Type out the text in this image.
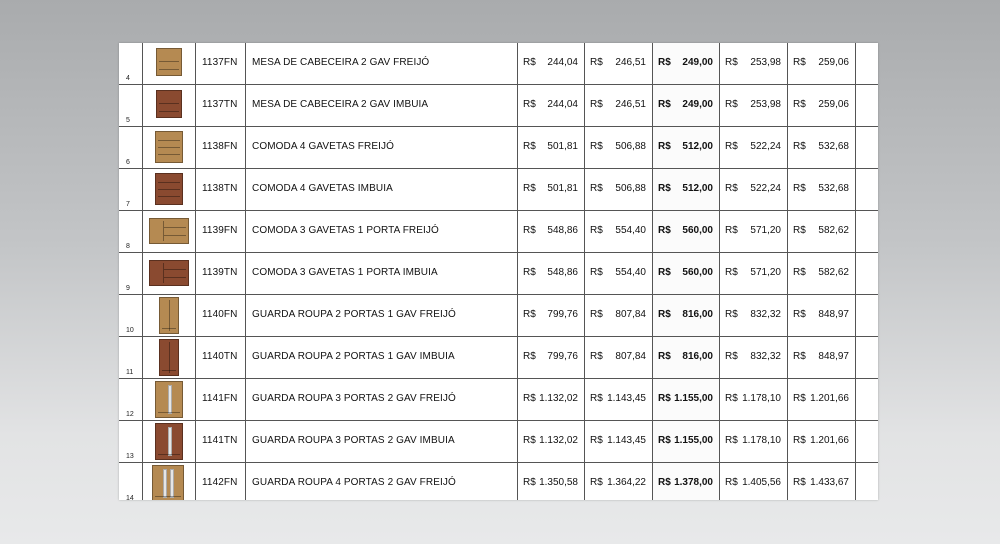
4
1137FN MESA DE CABECEIRA 2 GAV FREIJÓ	R$ 244,04 R$ 246,51 R$ 249,00 R$ 253,98 R$ 259,06
5
1137TN MESA DE CABECEIRA 2 GAV IMBUIA	R$ 244,04 R$ 246,51 R$ 249,00 R$ 253,98 R$ 259,06
6
1138FN COMODA 4 GAVETAS FREIJÓ	R$ 501,81 R$ 506,88 R$ 512,00 R$ 522,24 R$ 532,68
7
1138TN COMODA 4 GAVETAS IMBUIA	R$ 501,81 R$ 506,88 R$ 512,00 R$ 522,24 R$ 532,68
8
1139FN COMODA 3 GAVETAS 1 PORTA FREIJÓ	R$ 548,86 R$ 554,40 R$ 560,00 R$ 571,20 R$ 582,62
9
1139TN COMODA 3 GAVETAS 1 PORTA IMBUIA	R$ 548,86 R$ 554,40 R$ 560,00 R$ 571,20 R$ 582,62
10
1140FN GUARDA ROUPA 2 PORTAS 1 GAV FREIJÓ	R$ 799,76 R$ 807,84 R$ 816,00 R$ 832,32 R$ 848,97
11
1140TN GUARDA ROUPA 2 PORTAS 1 GAV IMBUIA	R$ 799,76 R$ 807,84 R$ 816,00 R$ 832,32 R$ 848,97
12
1141FN GUARDA ROUPA 3 PORTAS 2 GAV FREIJÓ	R$ 1.132,02 R$ 1.143,45 R$ 1.155,00 R$ 1.178,10 R$ 1.201,66
13
1141TN GUARDA ROUPA 3 PORTAS 2 GAV IMBUIA	R$ 1.132,02 R$ 1.143,45 R$ 1.155,00 R$ 1.178,10 R$ 1.201,66
14
1142FN GUARDA ROUPA 4 PORTAS 2 GAV FREIJÓ	R$ 1.350,58 R$ 1.364,22 R$ 1.378,00 R$ 1.405,56 R$ 1.433,67
